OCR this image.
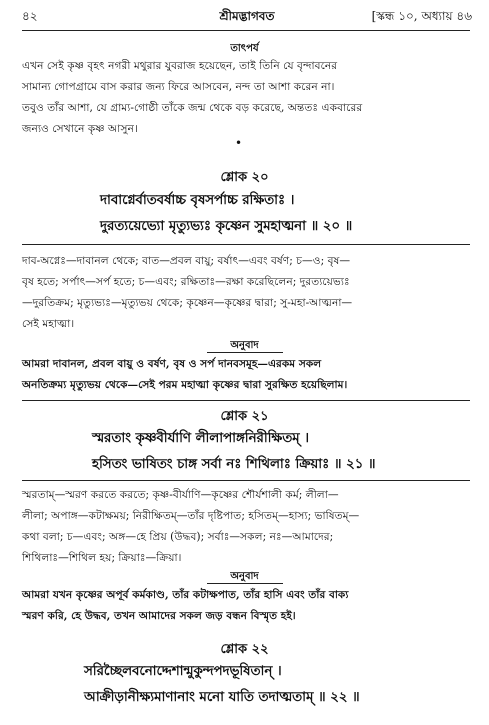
৪২	শ্রীমদ্ভাগবত	[স্কন্ধ ১০, অধ্যায় ৪৬
তাৎপর্য

এখন সেই কৃষ্ণ বৃহৎ নগরী মথুরার যুবরাজ হয়েছেন, তাই তিনি যে বৃন্দাবনের

সামান্য গোপগ্রামে বাস করার জন্য ফিরে আসবেন, নন্দ তা আশা করেন না।

তবুও তাঁর আশা, যে গ্রাম্য-গোষ্ঠী তাঁকে জন্ম থেকে বড় করেছে, অন্ততঃ একবারের

জন্যও সেখানে কৃষ্ণ আসুন।

•
শ্লোক ২০

দাবাগ্নের্বাতবর্ষাচ্চ বৃষসর্পাচ্চ রক্ষিতাঃ ।

দুরত্যয়েভ্যো মৃত্যুভ্যঃ কৃষ্ণেন সুমহাত্মনা ॥ ২০ ॥

দাব-অগ্নেঃ—দাবানল থেকে; বাত—প্রবল বায়ু; বর্ষাৎ—এবং বর্ষণ; চ—ও; বৃষ—

বৃষ হতে; সর্পাৎ—সর্প হতে; চ—এবং; রক্ষিতাঃ—রক্ষা করেছিলেন; দুরত্যয়েভ্যঃ

—দুরতিক্রম; মৃত্যুভ্যঃ—মৃত্যুভয় থেকে; কৃষ্ণেন—কৃষ্ণের দ্বারা; সু-মহা-আত্মনা—

সেই মহাত্মা।

অনুবাদ

আমরা দাবানল, প্রবল বায়ু ও বর্ষণ, বৃষ ও সর্প দানবসমূহ—এরকম সকল

অনতিক্রম্য মৃত্যুভয় থেকে—সেই পরম মহাত্মা কৃষ্ণের দ্বারা সুরক্ষিত হয়েছিলাম।

শ্লোক ২১

স্মরতাং কৃষ্ণবীর্যাণি লীলাপাঙ্গনিরীক্ষিতম্ ।

হসিতং ভাষিতং চাঙ্গ সর্বা নঃ শিথিলাঃ ক্রিয়াঃ ॥ ২১ ॥

স্মরতাম্—স্মরণ করতে করতে; কৃষ্ণ-বীর্যাণি—কৃষ্ণের শৌর্যশালী কর্ম; লীলা—

লীলা; অপাঙ্গ—কটাক্ষময়; নিরীক্ষিতম্—তাঁর দৃষ্টিপাত; হসিতম্—হাস্য; ভাষিতম্—

কথা বলা; চ—এবং; অঙ্গ—হে প্রিয় (উদ্ধব); সর্বাঃ—সকল; নঃ—আমাদের;

শিথিলাঃ—শিথিল হয়; ক্রিয়াঃ—ক্রিয়া।

অনুবাদ

আমরা যখন কৃষ্ণের অপূর্ব কর্মকাণ্ড, তাঁর কটাক্ষপাত, তাঁর হাসি এবং তাঁর বাক্য

স্মরণ করি, হে উদ্ধব, তখন আমাদের সকল জড় বন্ধন বিস্মৃত হই।

শ্লোক ২২

সরিচ্ছৈলবনোদ্দেশান্মুকুন্দপদভূষিতান্ ।

আক্রীড়ানীক্ষ্যমাণানাং মনো যাতি তদাত্মতাম্ ॥ ২২ ॥
